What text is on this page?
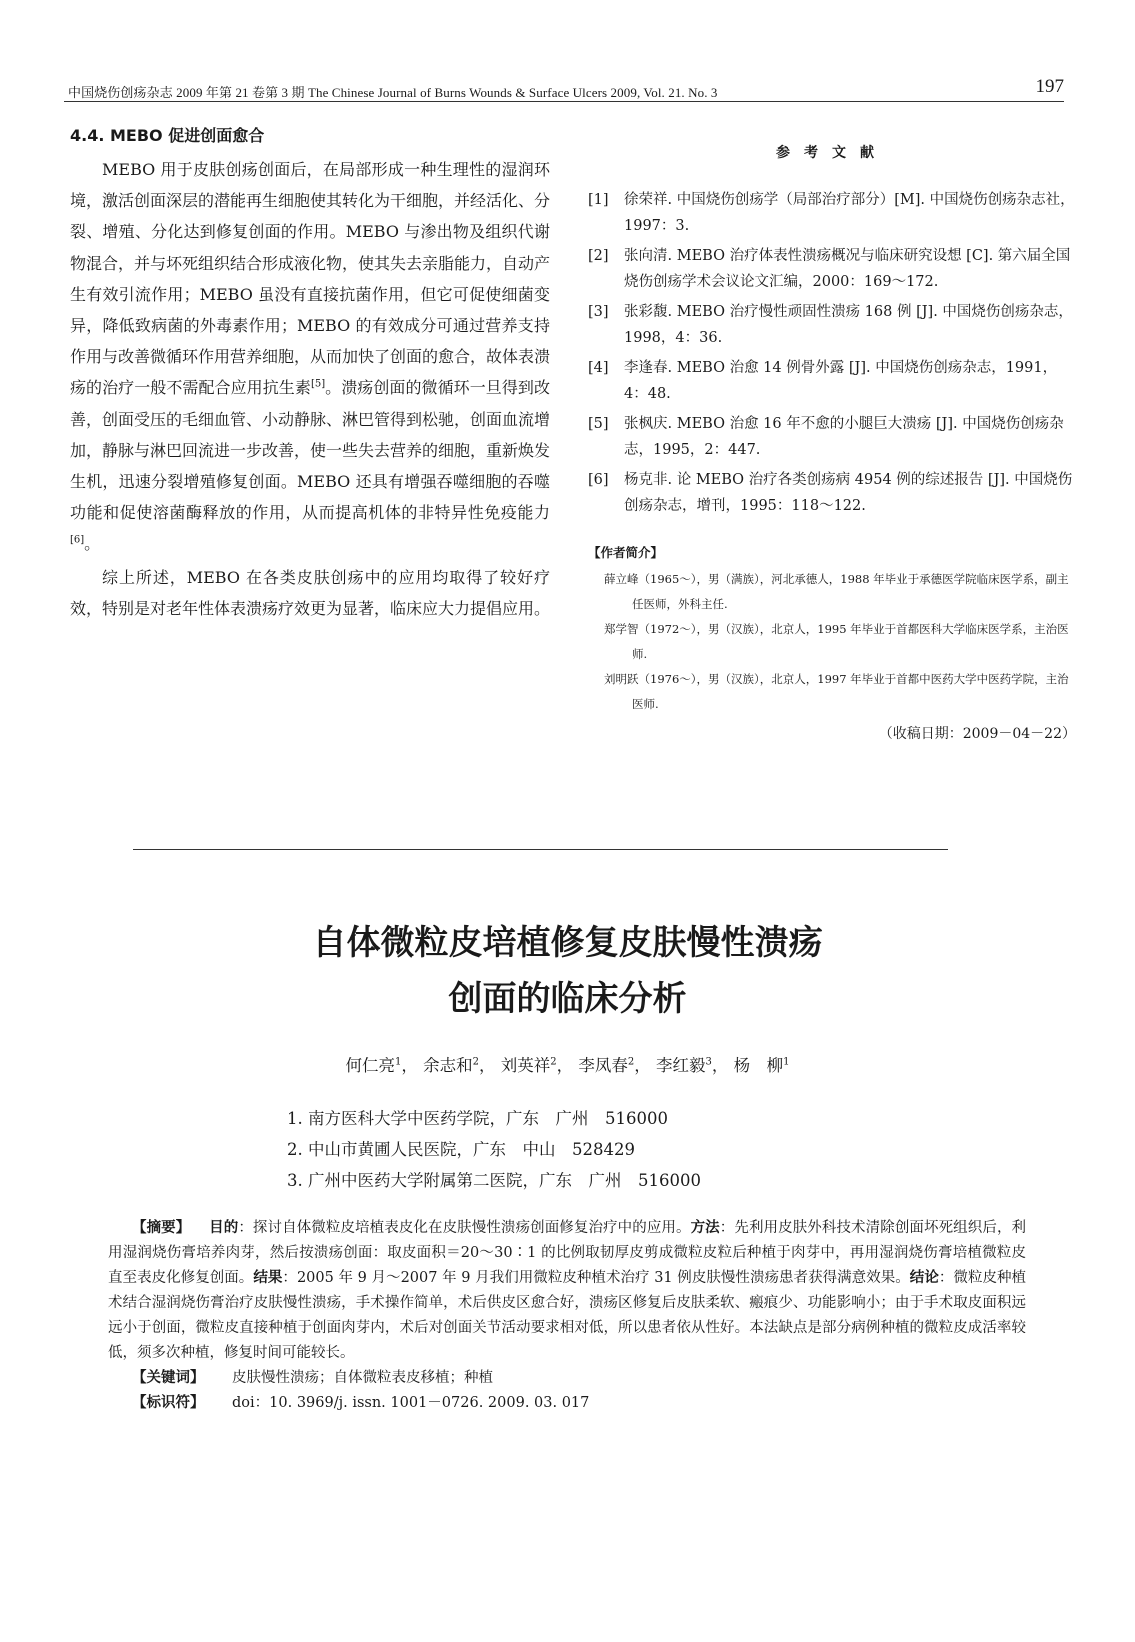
中国烧伤创疡杂志 2009 年第 21 卷第 3 期 The Chinese Journal of Burns Wounds & Surface Ulcers 2009, Vol. 21. No. 3	197
4.4. MEBO 促进创面愈合

MEBO 用于皮肤创疡创面后，在局部形成一种生理性的湿润环境，激活创面深层的潜能再生细胞使其转化为干细胞，并经活化、分裂、增殖、分化达到修复创面的作用。MEBO 与渗出物及组织代谢物混合，并与坏死组织结合形成液化物，使其失去亲脂能力，自动产生有效引流作用；MEBO 虽没有直接抗菌作用，但它可促使细菌变异，降低致病菌的外毒素作用；MEBO 的有效成分可通过营养支持作用与改善微循环作用营养细胞，从而加快了创面的愈合，故体表溃疡的治疗一般不需配合应用抗生素[5]。溃疡创面的微循环一旦得到改善，创面受压的毛细血管、小动静脉、淋巴管得到松驰，创面血流增加，静脉与淋巴回流进一步改善，使一些失去营养的细胞，重新焕发生机，迅速分裂增殖修复创面。MEBO 还具有增强吞噬细胞的吞噬功能和促使溶菌酶释放的作用，从而提高机体的非特异性免疫能力[6]。

综上所述，MEBO 在各类皮肤创疡中的应用均取得了较好疗效，特别是对老年性体表溃疡疗效更为显著，临床应大力提倡应用。

参考文献
[1] 徐荣祥. 中国烧伤创疡学（局部治疗部分）[M]. 中国烧伤创疡杂志社，1997：3.
[2] 张向清. MEBO 治疗体表性溃疡概况与临床研究设想 [C]. 第六届全国烧伤创疡学术会议论文汇编，2000：169～172.
[3] 张彩馥. MEBO 治疗慢性顽固性溃疡 168 例 [J]. 中国烧伤创疡杂志，1998，4：36.
[4] 李逢春. MEBO 治愈 14 例骨外露 [J]. 中国烧伤创疡杂志，1991，4：48.
[5] 张枫庆. MEBO 治愈 16 年不愈的小腿巨大溃疡 [J]. 中国烧伤创疡杂志，1995，2：447.
[6] 杨克非. 论 MEBO 治疗各类创疡病 4954 例的综述报告 [J]. 中国烧伤创疡杂志，增刊，1995：118～122.
【作者简介】

薛立峰（1965～），男（满族），河北承德人，1988 年毕业于承德医学院临床医学系，副主任医师，外科主任.

郑学智（1972～），男（汉族），北京人，1995 年毕业于首都医科大学临床医学系，主治医师.

刘明跃（1976～），男（汉族），北京人，1997 年毕业于首都中医药大学中医药学院，主治医师.

（收稿日期：2009－04－22）
自体微粒皮培植修复皮肤慢性溃疡
创面的临床分析
何仁亮$^1$， 余志和$^2$， 刘英祥$^2$， 李凤春$^2$， 李红毅$^3$， 杨　柳$^1$
1. 南方医科大学中医药学院，广东　广州　516000
2. 中山市黄圃人民医院，广东　中山　528429
3. 广州中医药大学附属第二医院，广东　广州　516000

【摘要】 目的：探讨自体微粒皮培植表皮化在皮肤慢性溃疡创面修复治疗中的应用。方法：先利用皮肤外科技术清除创面坏死组织后，利用湿润烧伤膏培养肉芽，然后按溃疡创面：取皮面积＝20～30∶1 的比例取韧厚皮剪成微粒皮粒后种植于肉芽中，再用湿润烧伤膏培植微粒皮直至表皮化修复创面。结果：2005 年 9 月～2007 年 9 月我们用微粒皮种植术治疗 31 例皮肤慢性溃疡患者获得满意效果。结论：微粒皮种植术结合湿润烧伤膏治疗皮肤慢性溃疡，手术操作简单，术后供皮区愈合好，溃疡区修复后皮肤柔软、瘢痕少、功能影响小；由于手术取皮面积远远小于创面，微粒皮直接种植于创面肉芽内，术后对创面关节活动要求相对低，所以患者依从性好。本法缺点是部分病例种植的微粒皮成活率较低，须多次种植，修复时间可能较长。

【关键词】 皮肤慢性溃疡；自体微粒表皮移植；种植

【标识符】 doi：10. 3969/j. issn. 1001－0726. 2009. 03. 017
